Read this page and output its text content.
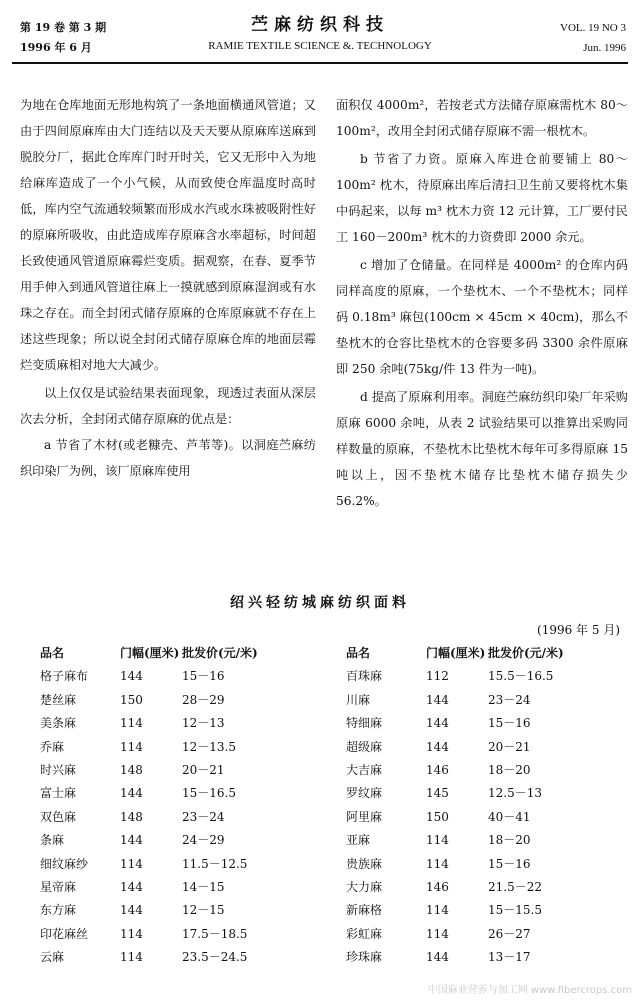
第 19 卷 第 3 期
1996 年 6 月
苎麻纺织科技
RAMIE TEXTILE SCIENCE &. TECHNOLOGY
VOL. 19 NO 3
Jun. 1996

为地在仓库地面无形地构筑了一条地面横通风管道；又由于四间原麻库由大门连结以及天天要从原麻库送麻到脱胶分厂，据此仓库库门时开时关，它又无形中入为地给麻库造成了一个小气候，从而致使仓库温度时高时低，库内空气流通较频繁而形成水汽或水珠被吸附性好的原麻所吸收，由此造成库存原麻含水率超标，时间超长致使通风管道原麻霉烂变质。据观察，在春、夏季节用手伸入到通风管道往麻上一摸就感到原麻湿润或有水珠之存在。而全封闭式储存原麻的仓库原麻就不存在上述这些现象；所以说全封闭式储存原麻仓库的地面层霉烂变质麻相对地大大减少。

以上仅仅是试验结果表面现象，现透过表面从深层次去分析，全封闭式储存原麻的优点是：

a 节省了木材(或老糠壳、芦苇等)。以洞庭苎麻纺织印染厂为例，该厂原麻库使用

面积仅 4000m²，若按老式方法储存原麻需枕木 80～100m²，改用全封闭式储存原麻不需一根枕木。

b 节省了力资。原麻入库进仓前要铺上 80～100m² 枕木，待原麻出库后清扫卫生前又要将枕木集中码起来，以每 m³ 枕木力资 12 元计算，工厂要付民工 160－200m³ 枕木的力资费即 2000 余元。

c 增加了仓储量。在同样是 4000m² 的仓库内码同样高度的原麻，一个垫枕木、一个不垫枕木；同样码 0.18m³ 麻包(100cm × 45cm × 40cm)，那么不垫枕木的仓容比垫枕木的仓容要多码 3300 余件原麻即 250 余吨(75kg/件 13 件为一吨)。

d 提高了原麻利用率。洞庭苎麻纺织印染厂年采购原麻 6000 余吨，从表 2 试验结果可以推算出采购同样数量的原麻，不垫枕木比垫枕木每年可多得原麻 15 吨以上，因不垫枕木储存比垫枕木储存损失少 56.2%。

绍兴轻纺城麻纺织面料
(1996 年 5 月)
品名	门幅(厘米) 批发价(元/米)
格子麻布	144	15－16
楚丝麻	150	28－29
美条麻	114	12－13
乔麻	114	12－13.5
时兴麻	148	20－21
富士麻	144	15－16.5
双色麻	148	23－24
条麻	144	24－29
细纹麻纱	114	11.5－12.5
星帝麻	144	14－15
东方麻	144	12－15
印花麻丝	114	17.5－18.5
云麻	114	23.5－24.5
品名	门幅(厘米) 批发价(元/米)
百珠麻	112	15.5－16.5
川麻	144	23－24
特细麻	144	15－16
超级麻	144	20－21
大吉麻	146	18－20
罗纹麻	145	12.5－13
阿里麻	150	40－41
亚麻	114	18－20
贵族麻	114	15－16
大力麻	146	21.5－22
新麻格	114	15－15.5
彩虹麻	114	26－27
珍珠麻	144	13－17
中国麻业营养与加工网 www.fibercrops.com
